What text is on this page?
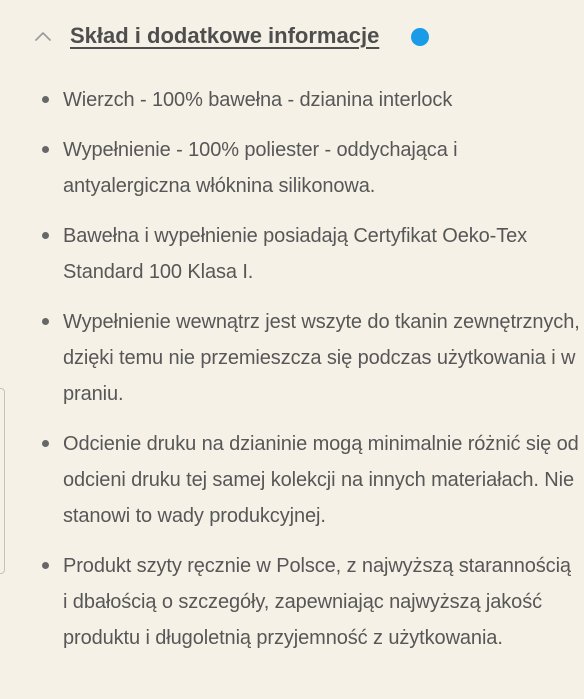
Skład i dodatkowe informacje
Wierzch - 100% bawełna - dzianina interlock
Wypełnienie - 100% poliester - oddychająca i antyalergiczna włóknina silikonowa.
Bawełna i wypełnienie posiadają Certyfikat Oeko-Tex Standard 100 Klasa I.
Wypełnienie wewnątrz jest wszyte do tkanin zewnętrznych, dzięki temu nie przemieszcza się podczas użytkowania i w praniu.
Odcienie druku na dzianinie mogą minimalnie różnić się od odcieni druku tej samej kolekcji na innych materiałach. Nie stanowi to wady produkcyjnej.
Produkt szyty ręcznie w Polsce, z najwyższą starannością i dbałością o szczegóły, zapewniając najwyższą jakość produktu i długoletnią przyjemność z użytkowania.
